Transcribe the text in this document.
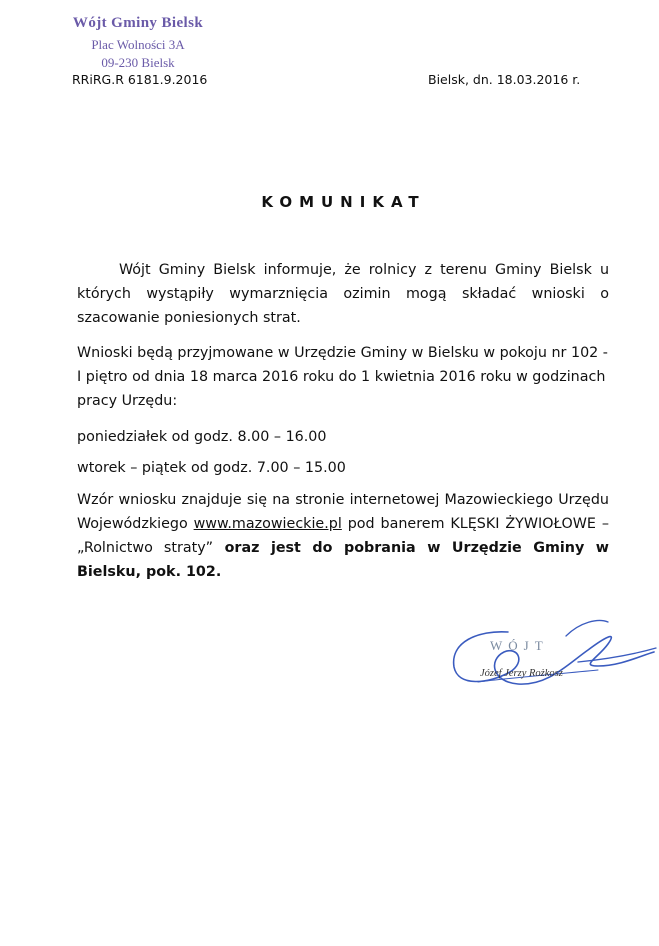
Wójt Gminy Bielsk
Plac Wolności 3A
09-230 Bielsk
RRiRG.R 6181.9.2016	Bielsk, dn. 18.03.2016 r.
KOMUNIKAT
Wójt Gminy Bielsk informuje, że rolnicy z terenu Gminy Bielsk u których wystąpiły wymarznięcia ozimin mogą składać wnioski o szacowanie poniesionych strat.
Wnioski będą przyjmowane w Urzędzie Gminy w Bielsku w pokoju nr 102 - I piętro od dnia 18 marca 2016 roku do 1 kwietnia 2016 roku w godzinach pracy Urzędu:
poniedziałek od godz. 8.00 – 16.00
wtorek – piątek od godz. 7.00 – 15.00
Wzór wniosku znajduje się na stronie internetowej Mazowieckiego Urzędu Wojewódzkiego www.mazowieckie.pl pod banerem KLĘSKI ŻYWIOŁOWE – „Rolnictwo straty” oraz jest do pobrania w Urzędzie Gminy w Bielsku, pok. 102.
WÓJT
Józef Jerzy Rożkosz
